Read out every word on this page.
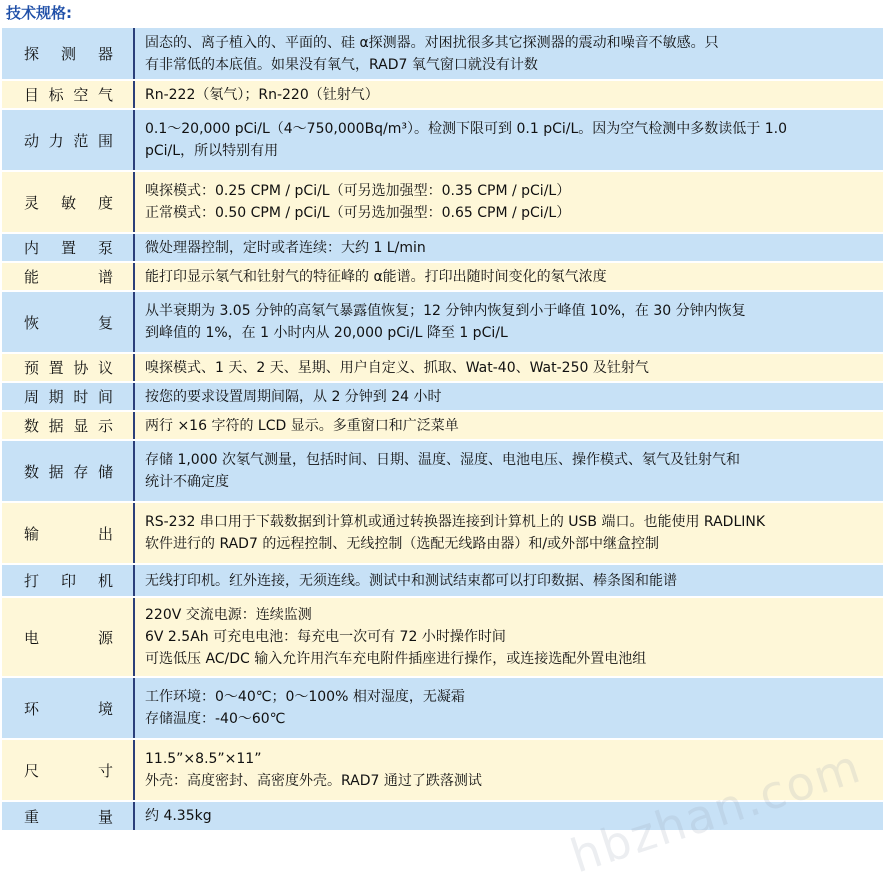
技术规格:
探测器	固态的、离子植入的、平面的、硅 α探测器。对困扰很多其它探测器的震动和噪音不敏感。只
有非常低的本底值。如果没有氧气，RAD7 氧气窗口就没有计数

目标空气	Rn-222（氡气）；Rn-220（钍射气）

动力范围	0.1～20,000 pCi/L（4～750,000Bq/m³）。检测下限可到 0.1 pCi/L。因为空气检测中多数读低于 1.0
pCi/L，所以特别有用

灵敏度	嗅探模式：0.25 CPM / pCi/L（可另选加强型：0.35 CPM / pCi/L）
正常模式：0.50 CPM / pCi/L（可另选加强型：0.65 CPM / pCi/L）

内置泵	微处理器控制，定时或者连续：大约 1 L/min

能谱	能打印显示氡气和钍射气的特征峰的 α能谱。打印出随时间变化的氡气浓度

恢复	从半衰期为 3.05 分钟的高氡气暴露值恢复；12 分钟内恢复到小于峰值 10%，在 30 分钟内恢复
到峰值的 1%，在 1 小时内从 20,000 pCi/L 降至 1 pCi/L

预置协议	嗅探模式、1 天、2 天、星期、用户自定义、抓取、Wat-40、Wat-250 及钍射气

周期时间	按您的要求设置周期间隔，从 2 分钟到 24 小时

数据显示	两行 ×16 字符的 LCD 显示。多重窗口和广泛菜单

数据存储	存储 1,000 次氡气测量，包括时间、日期、温度、湿度、电池电压、操作模式、氡气及钍射气和
统计不确定度

输出	RS-232 串口用于下载数据到计算机或通过转换器连接到计算机上的 USB 端口。也能使用 RADLINK
软件进行的 RAD7 的远程控制、无线控制（选配无线路由器）和/或外部中继盒控制

打印机	无线打印机。红外连接，无须连线。测试中和测试结束都可以打印数据、棒条图和能谱

电源	220V 交流电源：连续监测
6V 2.5Ah 可充电电池：每充电一次可有 72 小时操作时间
可选低压 AC/DC 输入允许用汽车充电附件插座进行操作，或连接选配外置电池组

环境	工作环境：0～40℃；0～100% 相对湿度，无凝霜
存储温度：-40～60℃

尺寸	11.5”×8.5”×11”
外壳：高度密封、高密度外壳。RAD7 通过了跌落测试

重量	约 4.35kg
